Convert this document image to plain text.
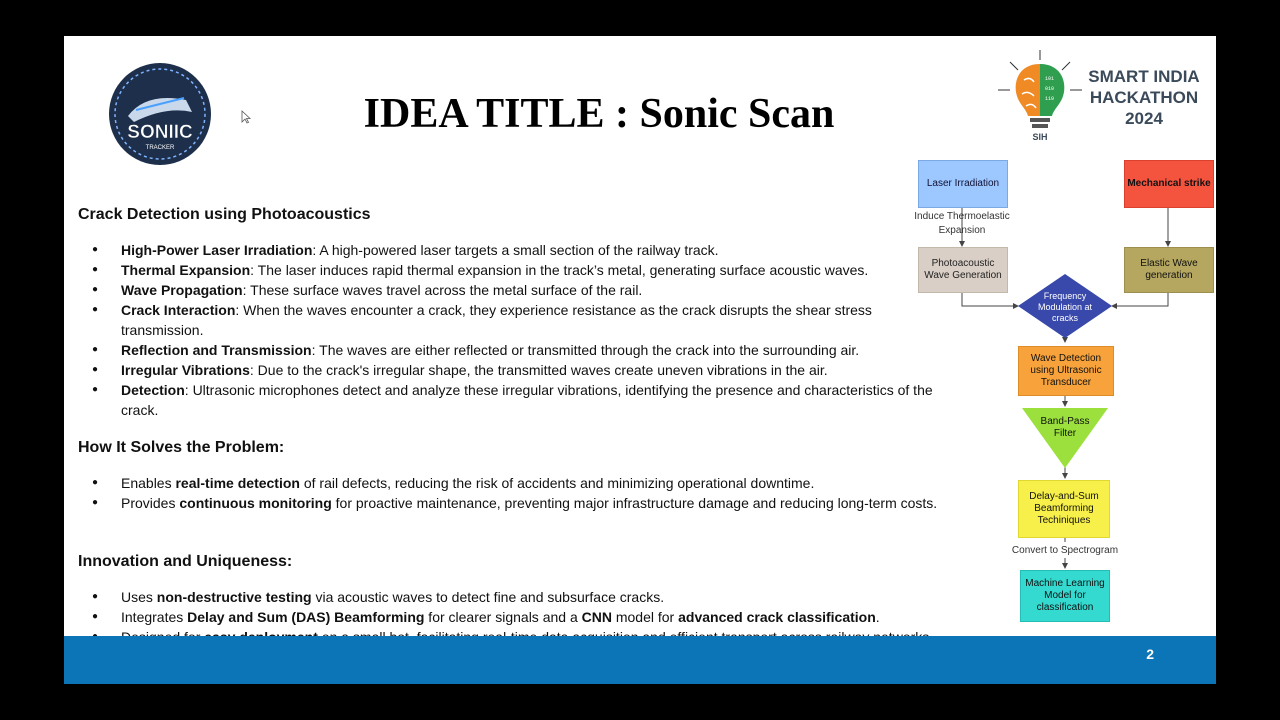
SONIIC
TRACKER
IDEA TITLE : Sonic Scan
101
010
110
SIH
SMART INDIA
HACKATHON
2024
Crack Detection using Photoacoustics
● High-Power Laser Irradiation: A high-powered laser targets a small section of the railway track.
● Thermal Expansion: The laser induces rapid thermal expansion in the track’s metal, generating surface acoustic waves.
● Wave Propagation: These surface waves travel across the metal surface of the rail.
● Crack Interaction: When the waves encounter a crack, they experience resistance as the crack disrupts the shear stress transmission.
● Reflection and Transmission: The waves are either reflected or transmitted through the crack into the surrounding air.
● Irregular Vibrations: Due to the crack's irregular shape, the transmitted waves create uneven vibrations in the air.
● Detection: Ultrasonic microphones detect and analyze these irregular vibrations, identifying the presence and characteristics of the crack.
How It Solves the Problem:
● Enables real-time detection of rail defects, reducing the risk of accidents and minimizing operational downtime.
● Provides continuous monitoring for proactive maintenance, preventing major infrastructure damage and reducing long-term costs.
Innovation and Uniqueness:
● Uses non-destructive testing via acoustic waves to detect fine and subsurface cracks.
● Integrates Delay and Sum (DAS) Beamforming for clearer signals and a CNN model for advanced crack classification.
●
Laser Irradiation
Induce Thermoelastic Expansion
Photoacoustic Wave Generation
Mechanical strike
Elastic Wave generation
Frequency Modulation at cracks
Wave Detection using Ultrasonic Transducer
Band-Pass Filter
Delay-and-Sum Beamforming Techiniques
Convert to Spectrogram
Machine Learning Model for classification
2
